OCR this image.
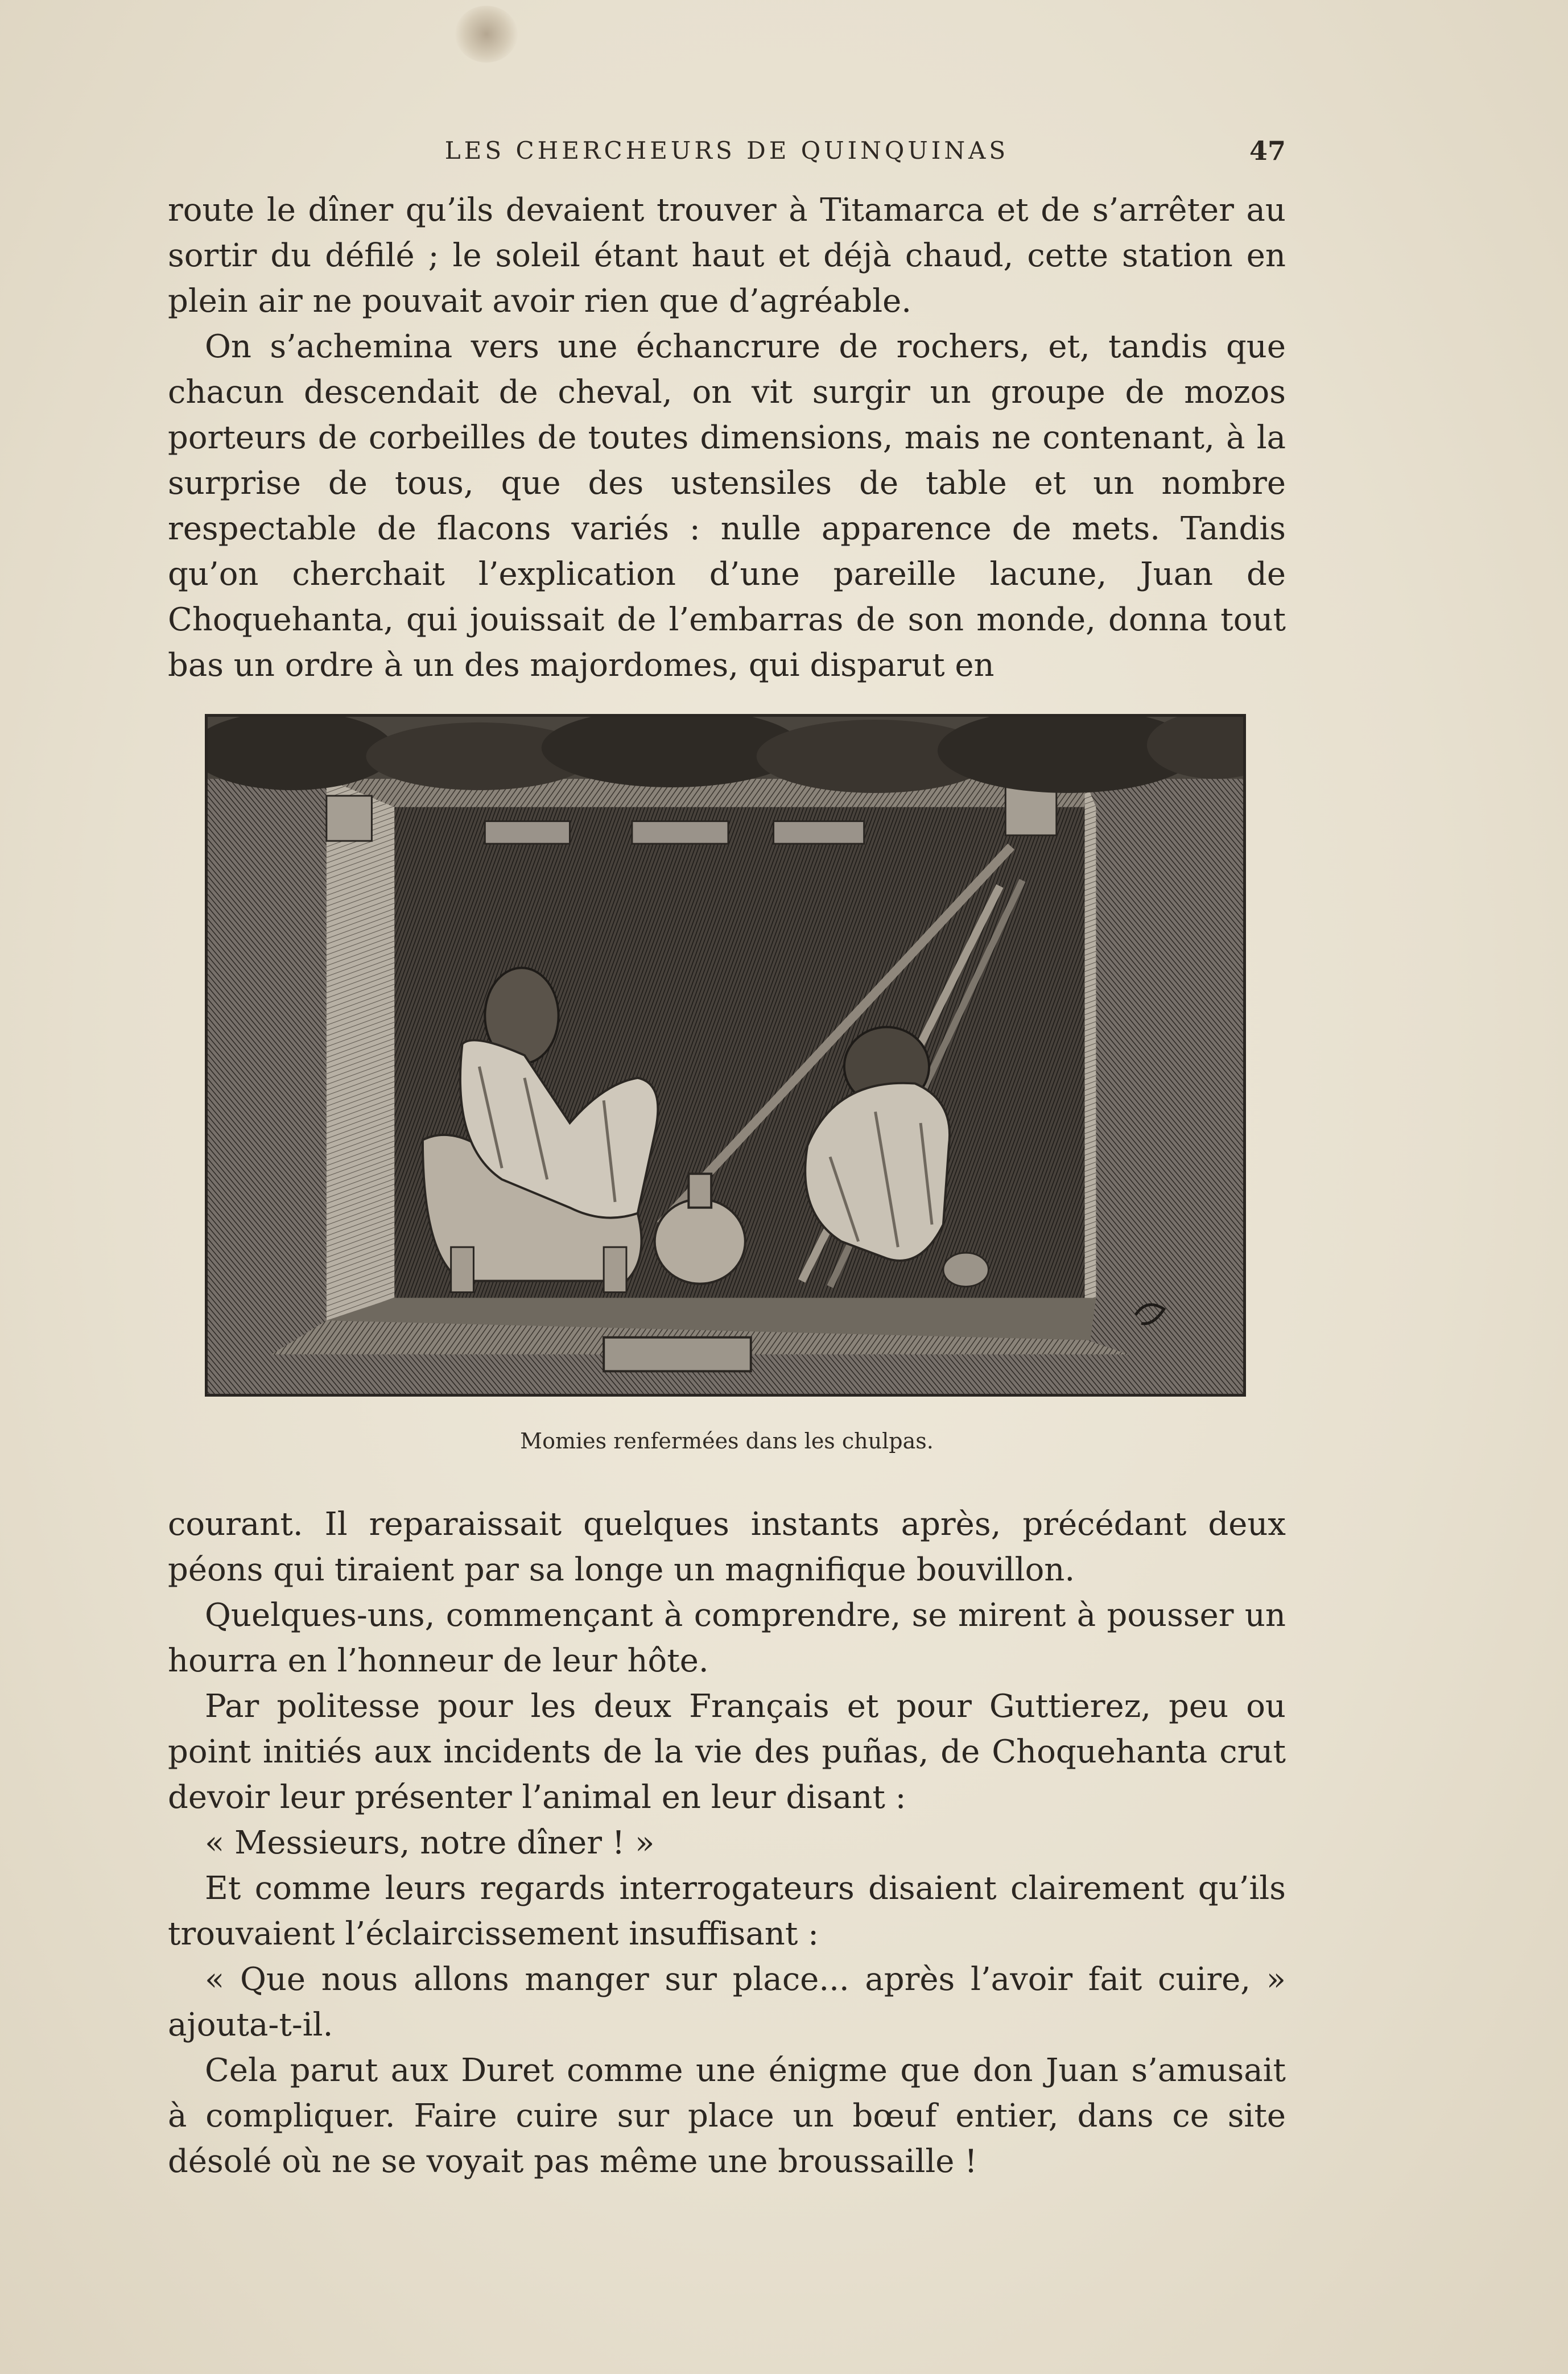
LES CHERCHEURS DE QUINQUINAS	47

route le dîner qu’ils devaient trouver à Titamarca et de s’arrêter au sortir du défilé ; le soleil étant haut et déjà chaud, cette station en plein air ne pouvait avoir rien que d’agréable.

On s’achemina vers une échancrure de rochers, et, tandis que chacun descendait de cheval, on vit surgir un groupe de mozos porteurs de corbeilles de toutes dimensions, mais ne contenant, à la surprise de tous, que des ustensiles de table et un nombre respectable de flacons variés : nulle apparence de mets. Tandis qu’on cherchait l’explication d’une pareille lacune, Juan de Choquehanta, qui jouissait de l’embarras de son monde, donna tout bas un ordre à un des majordomes, qui disparut en

Momies renfermées dans les chulpas.

courant. Il reparaissait quelques instants après, précédant deux péons qui tiraient par sa longe un magnifique bouvillon.

Quelques-uns, commençant à comprendre, se mirent à pousser un hourra en l’honneur de leur hôte.

Par politesse pour les deux Français et pour Guttierez, peu ou point initiés aux incidents de la vie des puñas, de Choquehanta crut devoir leur présenter l’animal en leur disant :

« Messieurs, notre dîner ! »

Et comme leurs regards interrogateurs disaient clairement qu’ils trouvaient l’éclaircissement insuffisant :

« Que nous allons manger sur place... après l’avoir fait cuire, » ajouta-t-il.

Cela parut aux Duret comme une énigme que don Juan s’amusait à compliquer. Faire cuire sur place un bœuf entier, dans ce site désolé où ne se voyait pas même une broussaille !
